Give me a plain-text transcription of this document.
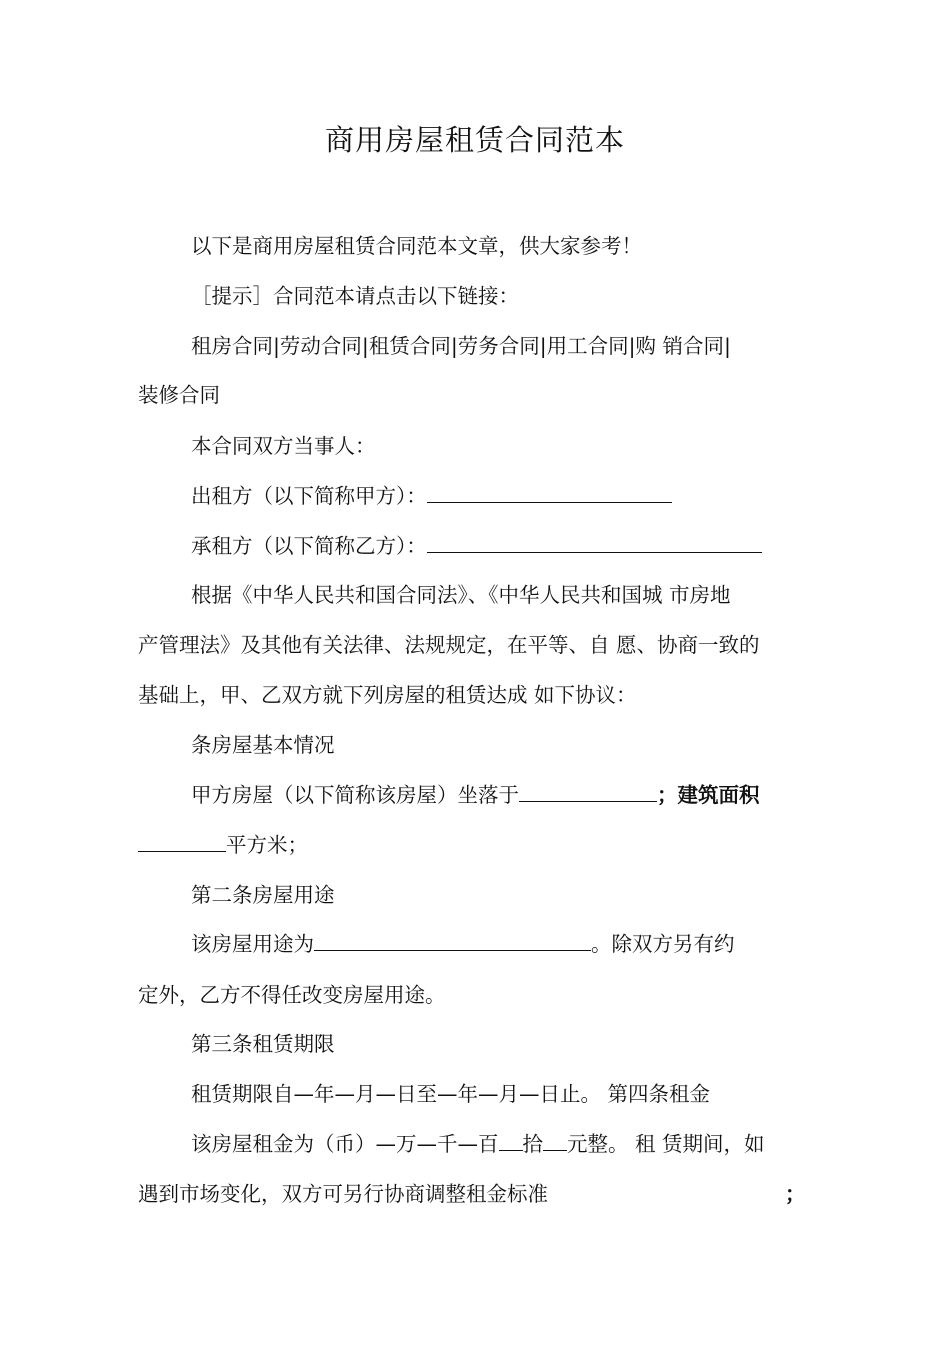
商用房屋租赁合同范本
以下是商用房屋租赁合同范本文章，供大家参考！
［提示］合同范本请点击以下链接：
租房合同|劳动合同|租赁合同|劳务合同|用工合同|购 销合同|
装修合同
本合同双方当事人：
出租方（以下简称甲方）：
承租方（以下简称乙方）：
根据《中华人民共和国合同法》、《中华人民共和国城 市房地
产管理法》及其他有关法律、法规规定，在平等、自 愿、协商一致的
基础上，甲、乙双方就下列房屋的租赁达成 如下协议：
条房屋基本情况
甲方房屋（以下简称该房屋）坐落于	；建筑面积
平方米；
第二条房屋用途
该房屋用途为	。除双方另有约
定外，乙方不得任改变房屋用途。
第三条租赁期限
租赁期限自—年—月—日至—年—月—日止。 第四条租金
该房屋租金为（币）—万—千—百 拾 元整。 租 赁期间，如
遇到市场变化，双方可另行协商调整租金标准	；
